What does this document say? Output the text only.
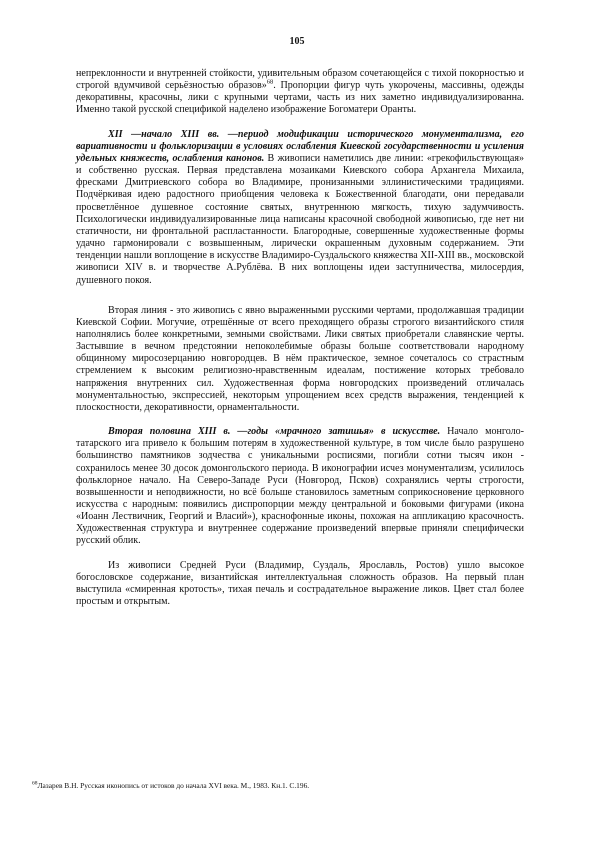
105

непреклонности и внутренней стойкости, удивительным образом сочетающейся с тихой покорностью и строгой вдумчивой серьёзностью образов»$^{68}$. Пропорции фигур чуть укорочены, массивны, одежды декоративны, красочны, лики с крупными чертами, часть из них заметно индивидуализированна. Именно такой русской спецификой наделено изображение Богоматери Оранты.

XII —начало XIII вв. —период модификации исторического монументализма, его вариативности и фольклоризации в условиях ослабления Киевской государственности и усиления удельных княжеств, ослабления канонов. В живописи наметились две линии: «грекофильствующая» и собственно русская. Первая представлена мозаиками Киевского собора Архангела Михаила, фресками Дмитриевского собора во Владимире, пронизанными эллинистическими традициями. Подчёркивая идею радостного приобщения человека к Божественной благодати, они передавали просветлённое душевное состояние святых, внутреннюю мягкость, тихую задумчивость. Психологически индивидуализированные лица написаны красочной свободной живописью, где нет ни статичности, ни фронтальной распластанности. Благородные, совершенные художественные формы удачно гармонировали с возвышенным, лирически окрашенным духовным содержанием. Эти тенденции нашли воплощение в искусстве Владимиро-Суздальского княжества XII-XIII вв., московской живописи XIV в. и творчестве А.Рублёва. В них воплощены идеи заступничества, милосердия, душевного покоя.

Вторая линия - это живопись с явно выраженными русскими чертами, продолжавшая традиции Киевской Софии. Могучие, отрешённые от всего преходящего образы строгого византийского стиля наполнялись более конкретными, земными свойствами. Лики святых приобретали славянские черты. Застывшие в вечном предстоянии непоколебимые образы больше соответствовали народному общинному миросозерцанию новгородцев. В нём практическое, земное сочеталось со страстным стремлением к высоким религиозно-нравственным идеалам, постижение которых требовало напряжения внутренних сил. Художественная форма новгородских произведений отличалась монументальностью, экспрессией, некоторым упрощением всех средств выражения, тенденцией к плоскостности, декоративности, орнаментальности.

Вторая половина XIII в. —годы «мрачного затишья» в искусстве. Начало монголо-татарского ига привело к большим потерям в художественной культуре, в том числе было разрушено большинство памятников зодчества с уникальными росписями, погибли сотни тысяч икон - сохранилось менее 30 досок домонгольского периода. В иконографии исчез монументализм, усилилось фольклорное начало. На Северо-Западе Руси (Новгород, Псков) сохранялись черты строгости, возвышенности и неподвижности, но всё больше становилось заметным соприкосновение церковного искусства с народным: появились диспропорции между центральной и боковыми фигурами (икона «Иоанн Лествичник, Георгий и Власий»), краснофонные иконы, похожая на аппликацию красочность. Художественная структура и внутреннее содержание произведений впервые приняли специфически русский облик.

Из живописи Средней Руси (Владимир, Суздаль, Ярославль, Ростов) ушло высокое богословское содержание, византийская интеллектуальная сложность образов. На первый план выступила «смиренная кротость», тихая печаль и сострадательное выражение ликов. Цвет стал более простым и открытым.

$^{68}$Лазарев В.Н. Русская иконопись от истоков до начала XVI века. М., 1983. Кн.1. С.196.
